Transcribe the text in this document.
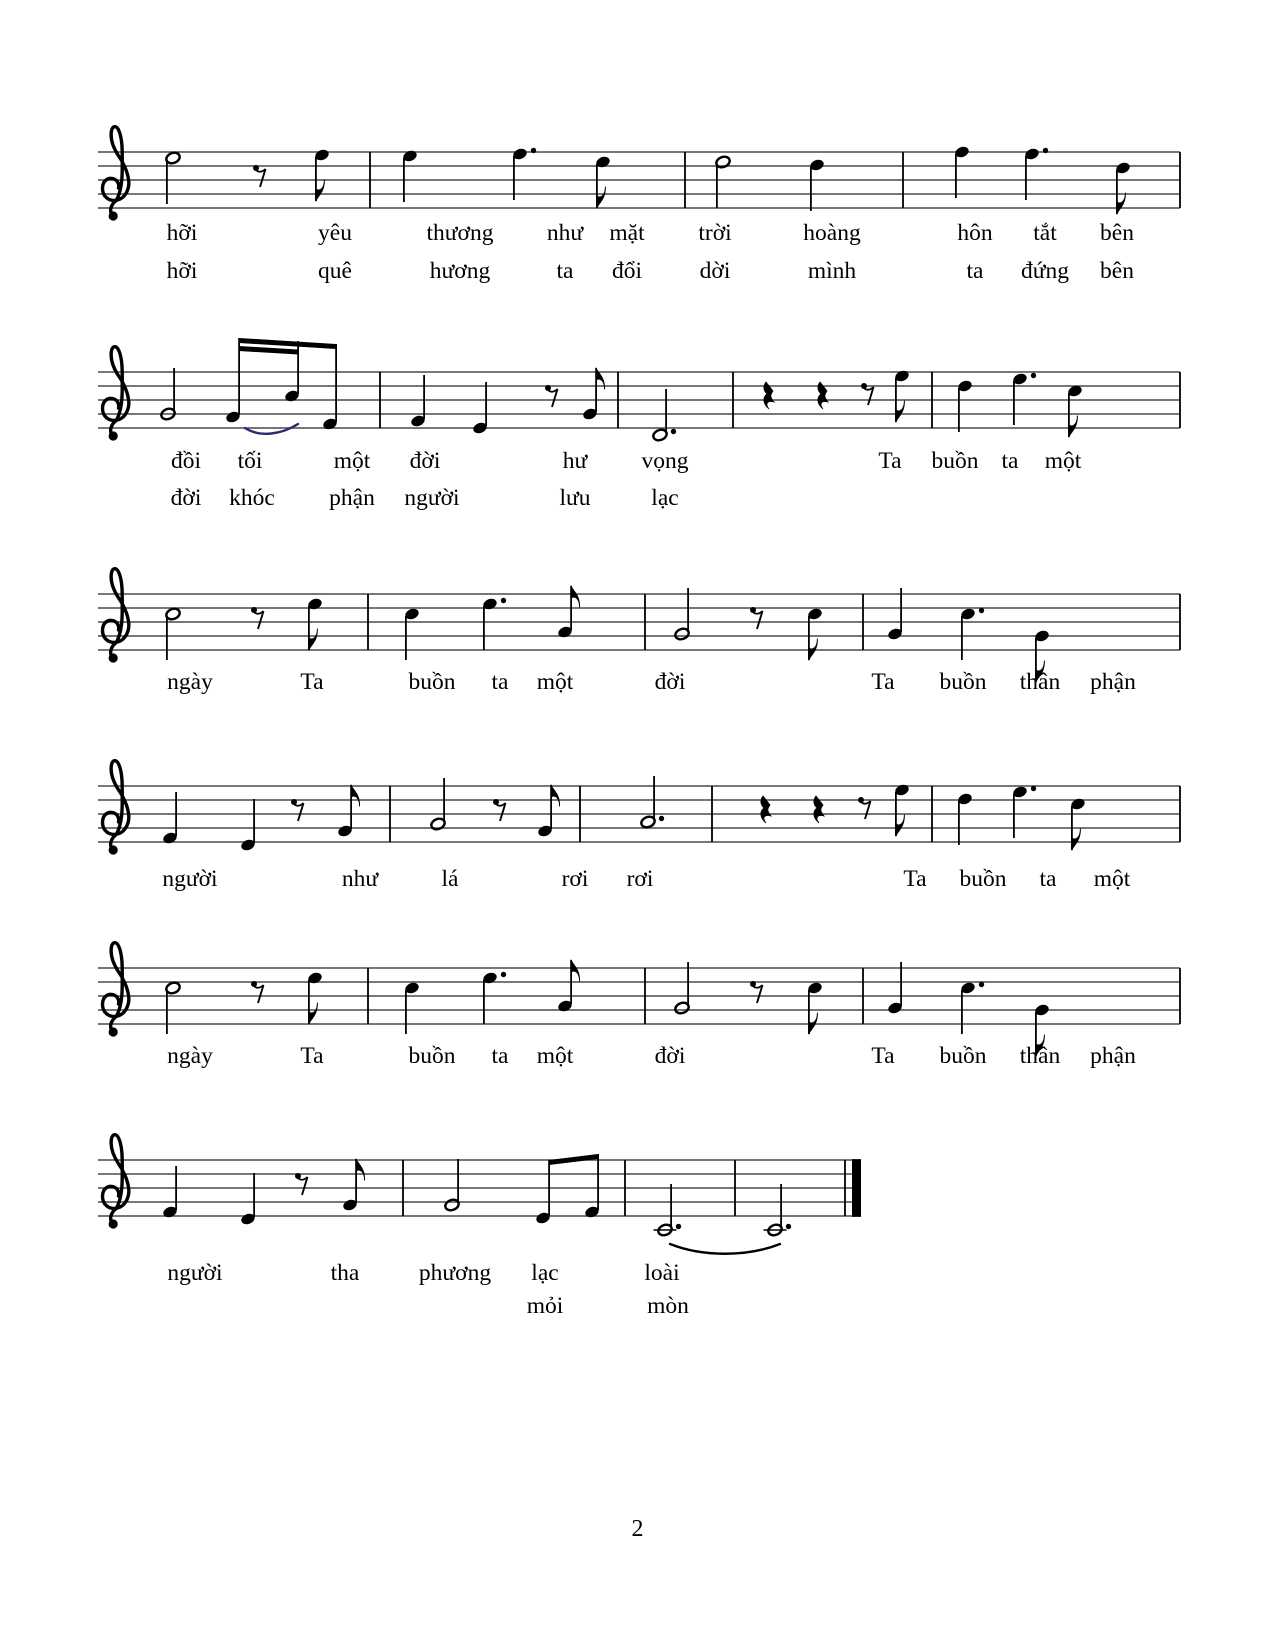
hỡi	yêu	thương như mặt trời	hoàng	hôn tắt bên
hỡi	quê	hương	ta đổi dời	mình	ta đứng bên
đồi tối	một đời	hư vọng	Ta buồn ta một
đời khóc phận người	lưu	lạc
ngày	Ta	buồn ta một	đời	Ta buồn thân phận
người	như	lá	rơi rơi	Ta buồn ta một
ngày	Ta	buồn ta một	đời	Ta buồn thân phận
người	tha	phương lạc	loài
mỏi	mòn
2
